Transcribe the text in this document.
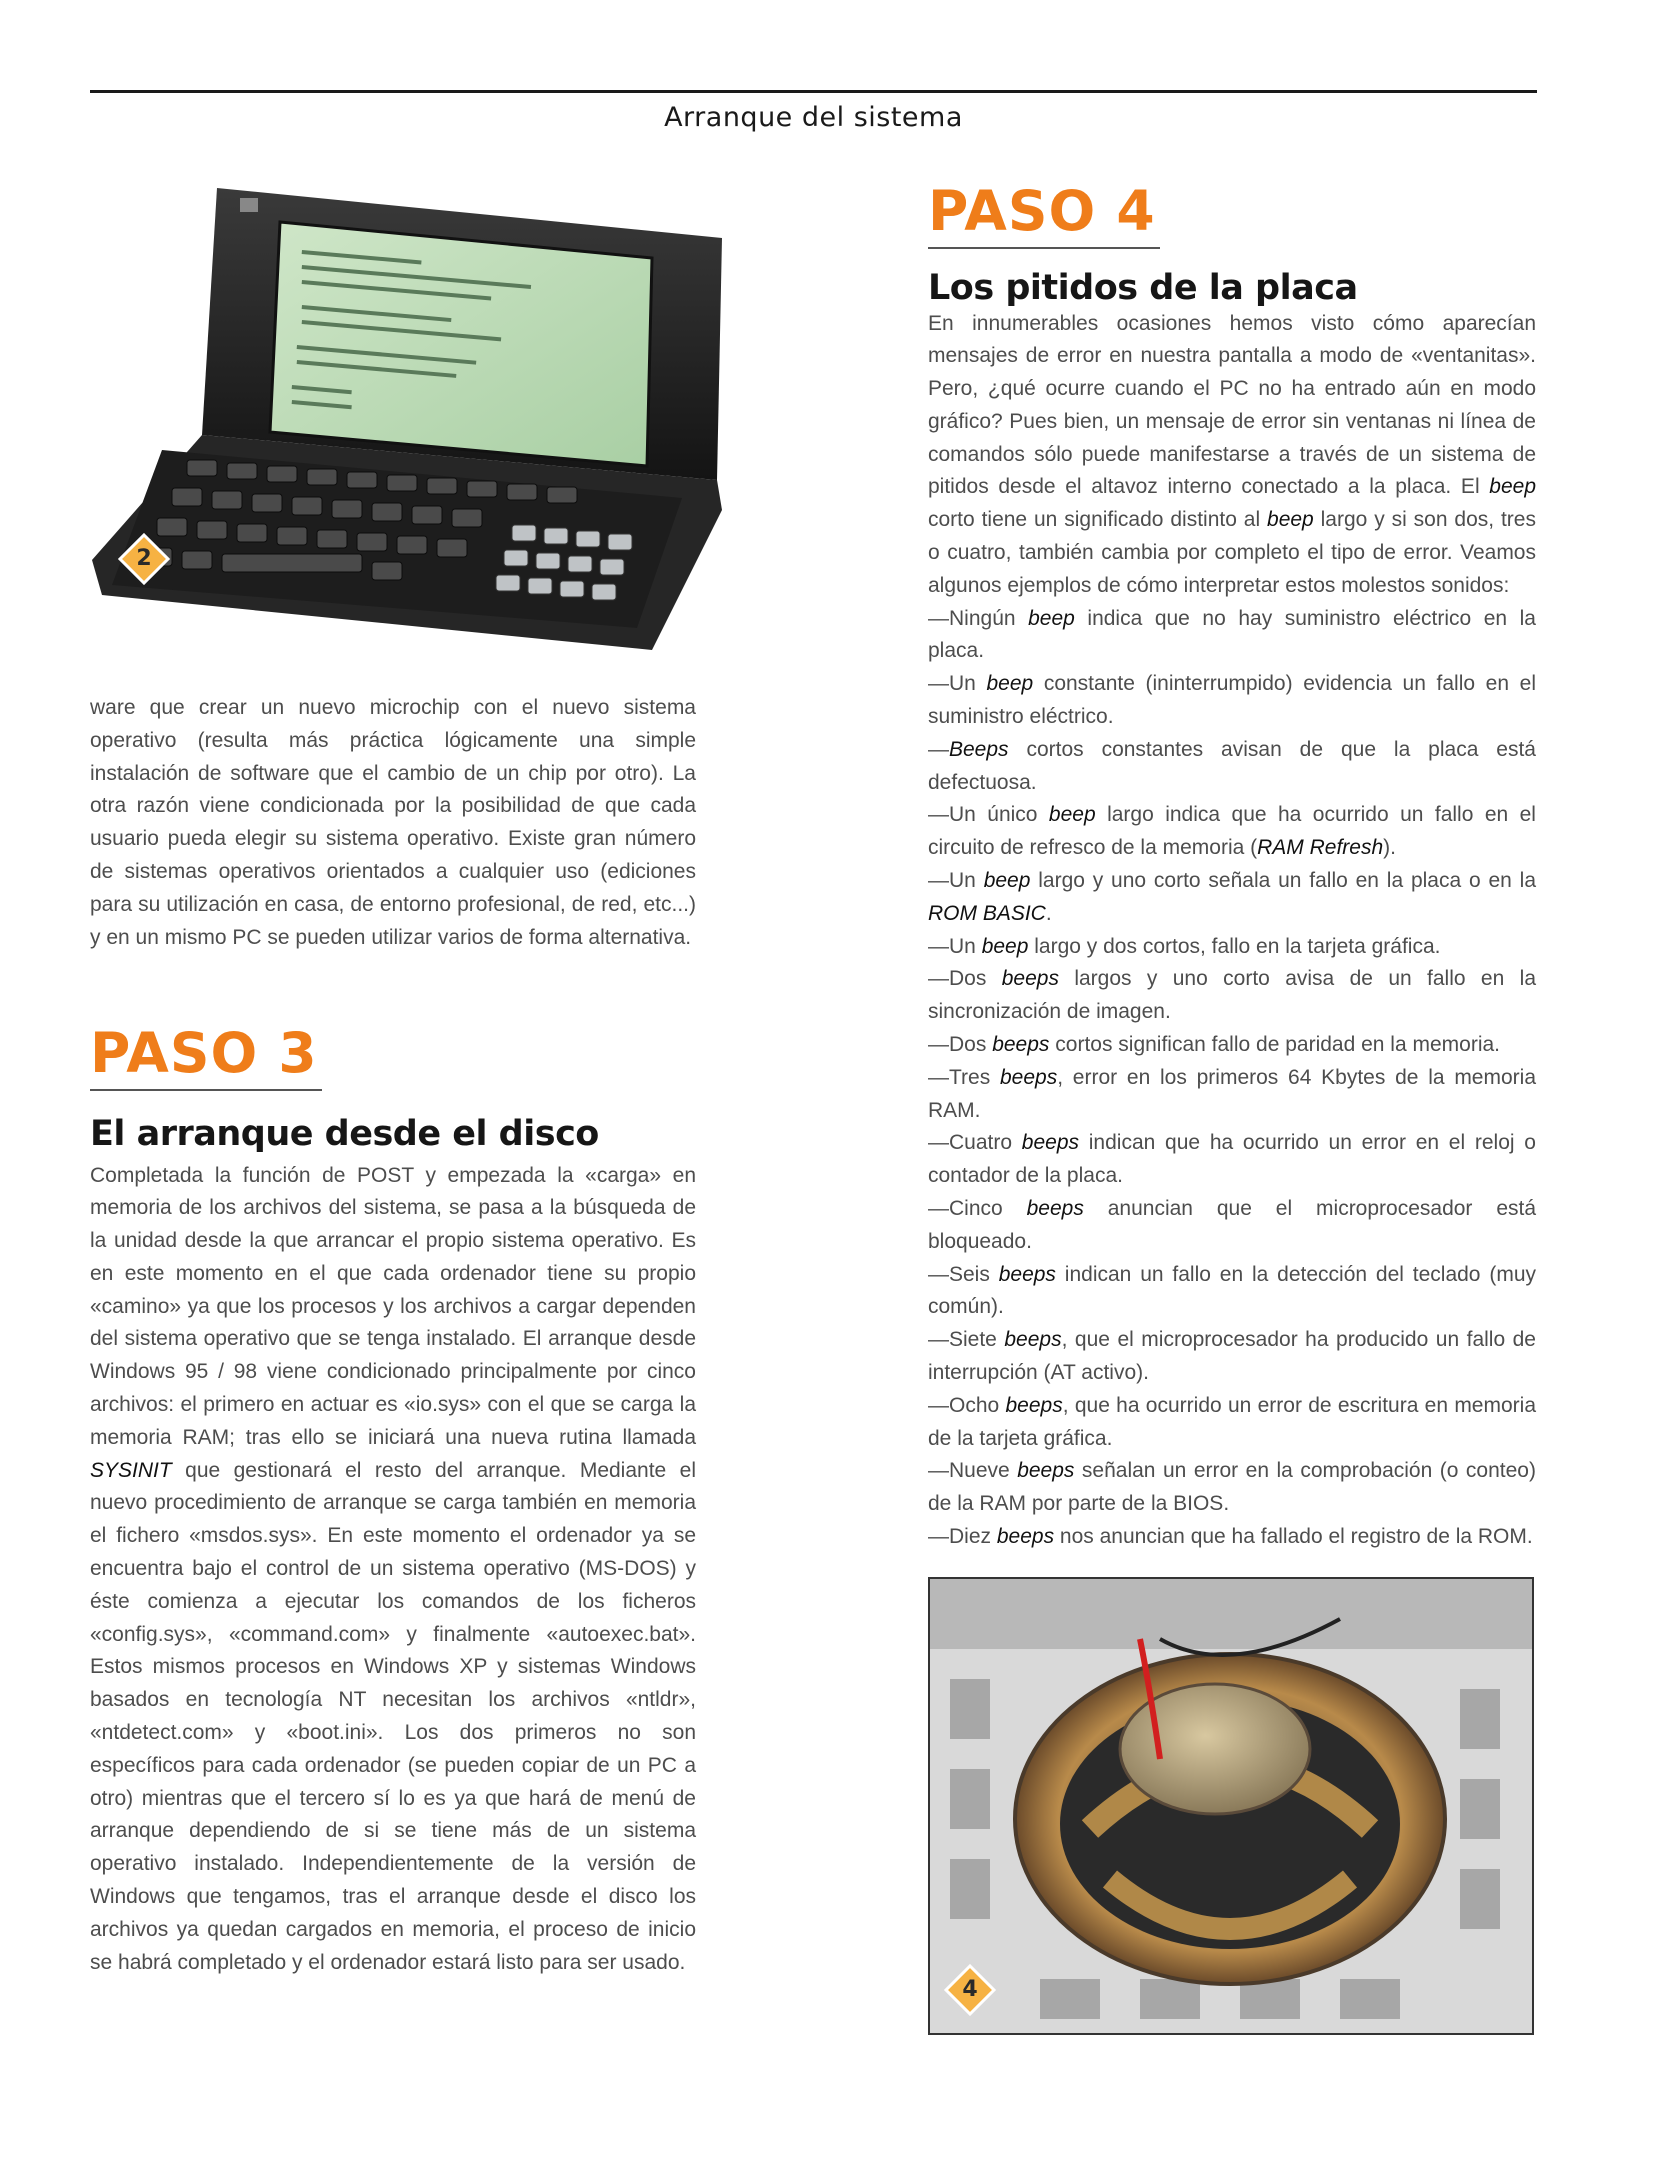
Arranque del sistema
2
ware que crear un nuevo microchip con el nuevo sistema operativo (resulta más práctica lógicamente una simple instalación de software que el cambio de un chip por otro). La otra razón viene condicionada por la posibilidad de que cada usuario pueda elegir su sistema operativo. Existe gran número de sistemas operativos orientados a cualquier uso (ediciones para su utilización en casa, de entorno profesional, de red, etc...) y en un mismo PC se pueden utilizar varios de forma alternativa.
PASO 3
El arranque desde el disco
Completada la función de POST y empezada la «carga» en memoria de los archivos del sistema, se pasa a la búsqueda de la unidad desde la que arrancar el propio sistema operativo. Es en este momento en el que cada ordenador tiene su propio «camino» ya que los procesos y los archivos a cargar dependen del sistema operativo que se tenga instalado. El arranque desde Windows 95 / 98 viene condicionado principalmente por cinco archivos: el primero en actuar es «io.sys» con el que se carga la memoria RAM; tras ello se iniciará una nueva rutina llamada SYSINIT que gestionará el resto del arranque. Mediante el nuevo procedimiento de arranque se carga también en memoria el fichero «msdos.sys». En este momento el ordenador ya se encuentra bajo el control de un sistema operativo (MS-DOS) y éste comienza a ejecutar los comandos de los ficheros «config.sys», «command.com» y finalmente «autoexec.bat». Estos mismos procesos en Windows XP y sistemas Windows basados en tecnología NT necesitan los archivos «ntldr», «ntdetect.com» y «boot.ini». Los dos primeros no son específicos para cada ordenador (se pueden copiar de un PC a otro) mientras que el tercero sí lo es ya que hará de menú de arranque dependiendo de si se tiene más de un sistema operativo instalado. Independientemente de la versión de Windows que tengamos, tras el arranque desde el disco los archivos ya quedan cargados en memoria, el proceso de inicio se habrá completado y el ordenador estará listo para ser usado.
PASO 4
Los pitidos de la placa

En innumerables ocasiones hemos visto cómo aparecían mensajes de error en nuestra pantalla a modo de «ventanitas». Pero, ¿qué ocurre cuando el PC no ha entrado aún en modo gráfico? Pues bien, un mensaje de error sin ventanas ni línea de comandos sólo puede manifestarse a través de un sistema de pitidos desde el altavoz interno conectado a la placa. El beep corto tiene un significado distinto al beep largo y si son dos, tres o cuatro, también cambia por completo el tipo de error. Veamos algunos ejemplos de cómo interpretar estos molestos sonidos:

—Ningún beep indica que no hay suministro eléctrico en la placa.

—Un beep constante (ininterrumpido) evidencia un fallo en el suministro eléctrico.

—Beeps cortos constantes avisan de que la placa está defectuosa.

—Un único beep largo indica que ha ocurrido un fallo en el circuito de refresco de la memoria (RAM Refresh).

—Un beep largo y uno corto señala un fallo en la placa o en la ROM BASIC.

—Un beep largo y dos cortos, fallo en la tarjeta gráfica.

—Dos beeps largos y uno corto avisa de un fallo en la sincronización de imagen.

—Dos beeps cortos significan fallo de paridad en la memoria.

—Tres beeps, error en los primeros 64 Kbytes de la memoria RAM.

—Cuatro beeps indican que ha ocurrido un error en el reloj o contador de la placa.

—Cinco beeps anuncian que el microprocesador está bloqueado.

—Seis beeps indican un fallo en la detección del teclado (muy común).

—Siete beeps, que el microprocesador ha producido un fallo de interrupción (AT activo).

—Ocho beeps, que ha ocurrido un error de escritura en memoria de la tarjeta gráfica.

—Nueve beeps señalan un error en la comprobación (o conteo) de la RAM por parte de la BIOS.

—Diez beeps nos anuncian que ha fallado el registro de la ROM.

4
